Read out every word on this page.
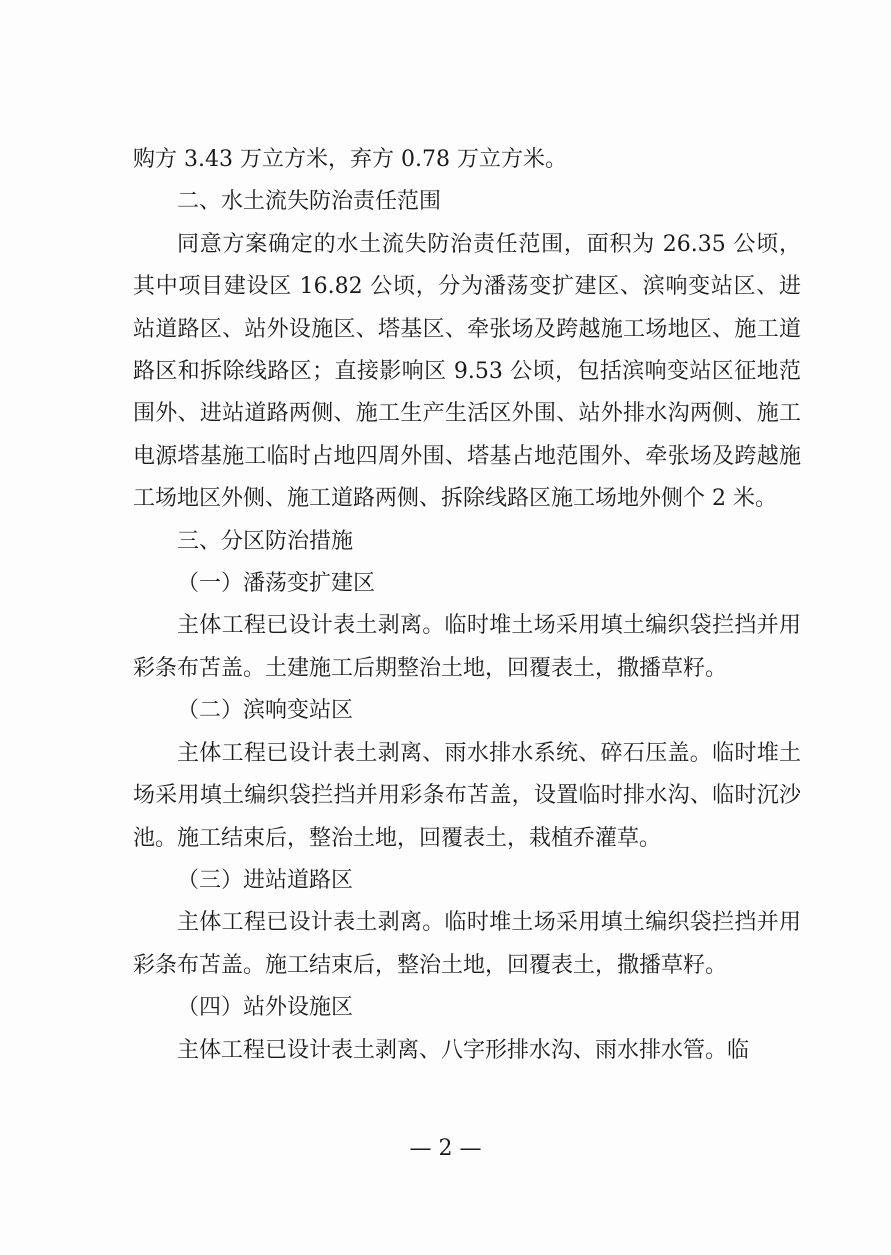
购方 3.43 万立方米，弃方 0.78 万立方米。

二、水土流失防治责任范围

同意方案确定的水土流失防治责任范围，面积为 26.35 公顷，其中项目建设区 16.82 公顷，分为潘荡变扩建区、滨响变站区、进站道路区、站外设施区、塔基区、牵张场及跨越施工场地区、施工道路区和拆除线路区；直接影响区 9.53 公顷，包括滨响变站区征地范围外、进站道路两侧、施工生产生活区外围、站外排水沟两侧、施工电源塔基施工临时占地四周外围、塔基占地范围外、牵张场及跨越施工场地区外侧、施工道路两侧、拆除线路区施工场地外侧个 2 米。

三、分区防治措施

（一）潘荡变扩建区

主体工程已设计表土剥离。临时堆土场采用填土编织袋拦挡并用彩条布苫盖。土建施工后期整治土地，回覆表土，撒播草籽。

（二）滨响变站区

主体工程已设计表土剥离、雨水排水系统、碎石压盖。临时堆土场采用填土编织袋拦挡并用彩条布苫盖，设置临时排水沟、临时沉沙池。施工结束后，整治土地，回覆表土，栽植乔灌草。

（三）进站道路区

主体工程已设计表土剥离。临时堆土场采用填土编织袋拦挡并用彩条布苫盖。施工结束后，整治土地，回覆表土，撒播草籽。

（四）站外设施区

主体工程已设计表土剥离、八字形排水沟、雨水排水管。临

— 2 —
